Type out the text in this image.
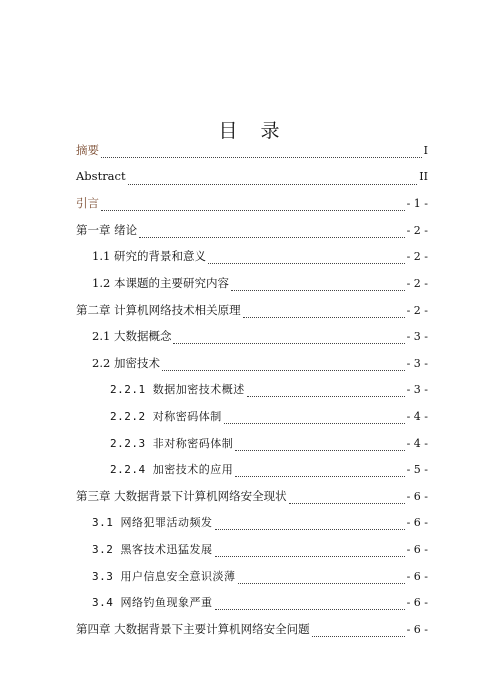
目　录
摘要	I
Abstract	II
引言	- 1 -
第一章 绪论	- 2 -
1.1 研究的背景和意义	- 2 -
1.2 本课题的主要研究内容	- 2 -
第二章 计算机网络技术相关原理	- 2 -
2.1 大数据概念	- 3 -
2.2 加密技术	- 3 -
2.2.1 数据加密技术概述	- 3 -
2.2.2 对称密码体制	- 4 -
2.2.3 非对称密码体制	- 4 -
2.2.4 加密技术的应用	- 5 -
第三章 大数据背景下计算机网络安全现状	- 6 -
3.1 网络犯罪活动频发	- 6 -
3.2 黑客技术迅猛发展	- 6 -
3.3 用户信息安全意识淡薄	- 6 -
3.4 网络钓鱼现象严重	- 6 -
第四章 大数据背景下主要计算机网络安全问题	- 6 -
